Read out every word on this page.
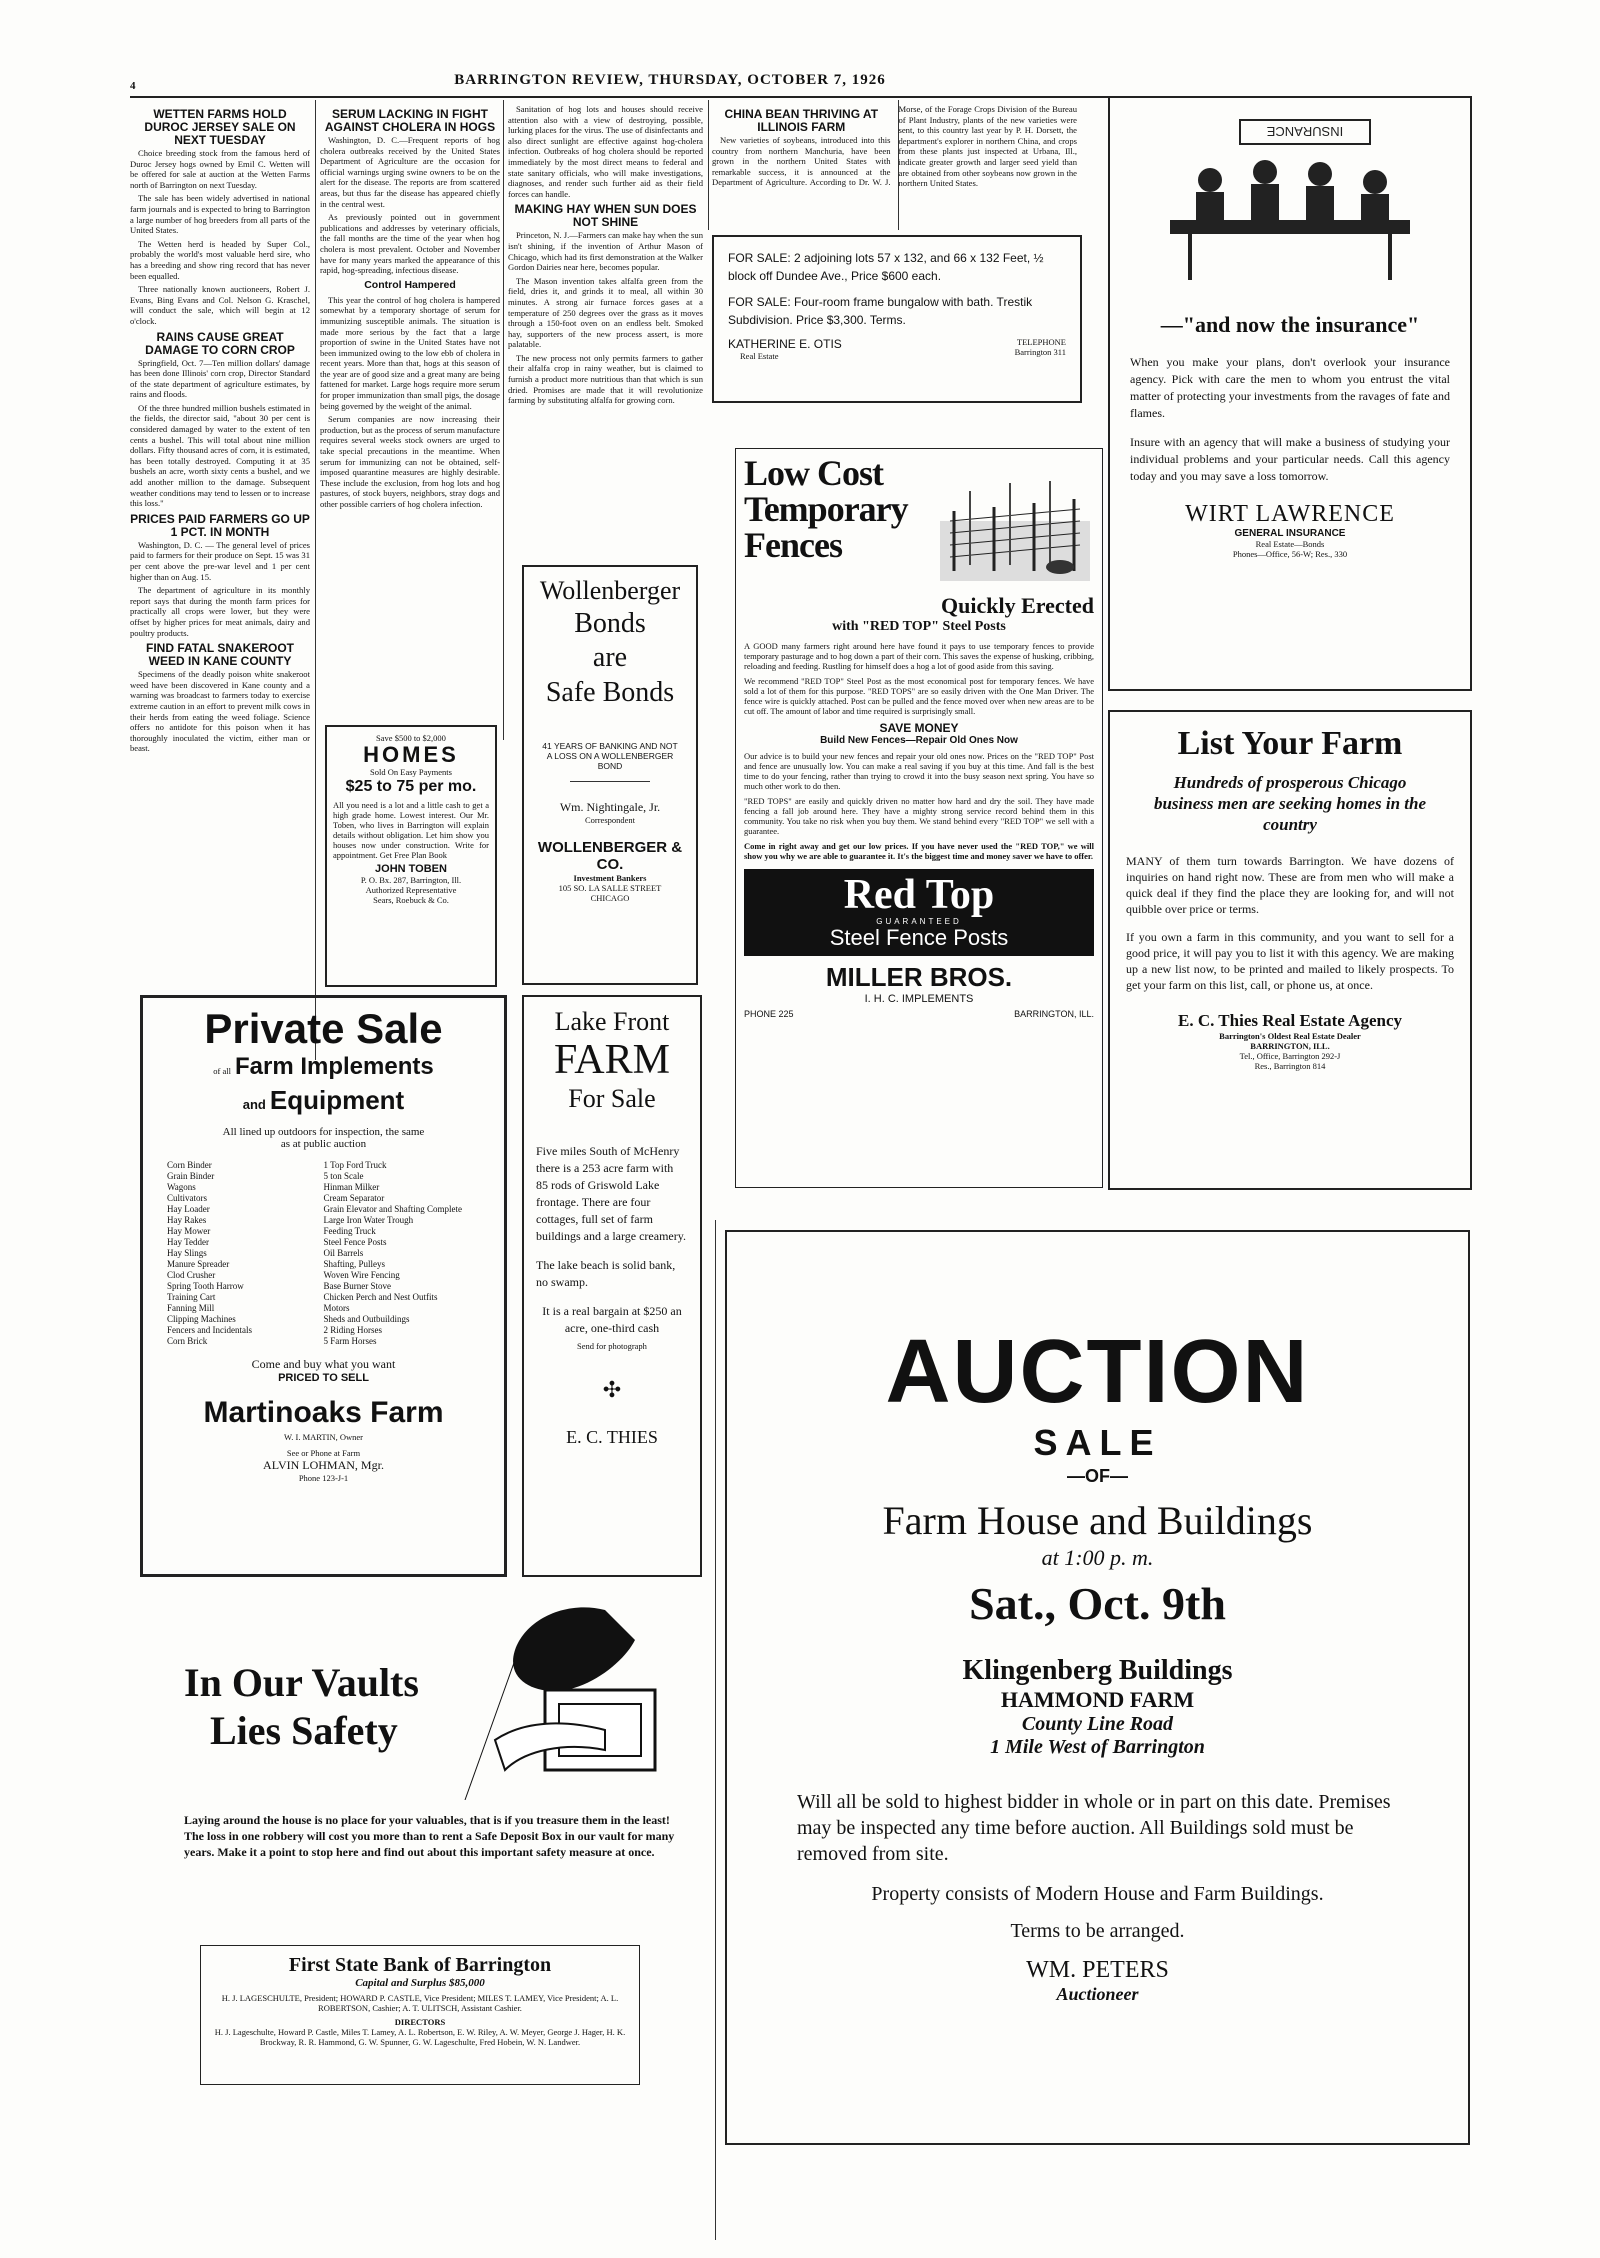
4	BARRINGTON REVIEW, THURSDAY, OCTOBER 7, 1926
WETTEN FARMS HOLD DUROC JERSEY SALE ON NEXT TUESDAY

Choice breeding stock from the famous herd of Duroc Jersey hogs owned by Emil C. Wetten will be offered for sale at auction at the Wetten Farms north of Barrington on next Tuesday.

The sale has been widely advertised in national farm journals and is expected to bring to Barrington a large number of hog breeders from all parts of the United States.

The Wetten herd is headed by Super Col., probably the world's most valuable herd sire, who has a breeding and show ring record that has never been equalled.

Three nationally known auctioneers, Robert J. Evans, Bing Evans and Col. Nelson G. Kraschel, will conduct the sale, which will begin at 12 o'clock.

RAINS CAUSE GREAT DAMAGE TO CORN CROP

Springfield, Oct. 7—Ten million dollars' damage has been done Illinois' corn crop, Director Standard of the state department of agriculture estimates, by rains and floods.

Of the three hundred million bushels estimated in the fields, the director said, "about 30 per cent is considered damaged by water to the extent of ten cents a bushel. This will total about nine million dollars. Fifty thousand acres of corn, it is estimated, has been totally destroyed. Computing it at 35 bushels an acre, worth sixty cents a bushel, and we add another million to the damage. Subsequent weather conditions may tend to lessen or to increase this loss."

PRICES PAID FARMERS GO UP 1 PCT. IN MONTH

Washington, D. C. — The general level of prices paid to farmers for their produce on Sept. 15 was 31 per cent above the pre-war level and 1 per cent higher than on Aug. 15.

The department of agriculture in its monthly report says that during the month farm prices for practically all crops were lower, but they were offset by higher prices for meat animals, dairy and poultry products.

FIND FATAL SNAKEROOT WEED IN KANE COUNTY

Specimens of the deadly poison white snakeroot weed have been discovered in Kane county and a warning was broadcast to farmers today to exercise extreme caution in an effort to prevent milk cows in their herds from eating the weed foliage. Science offers no antidote for this poison when it has thoroughly inoculated the victim, either man or beast.

SERUM LACKING IN FIGHT AGAINST CHOLERA IN HOGS

Washington, D. C.—Frequent reports of hog cholera outbreaks received by the United States Department of Agriculture are the occasion for official warnings urging swine owners to be on the alert for the disease. The reports are from scattered areas, but thus far the disease has appeared chiefly in the central west.

As previously pointed out in government publications and addresses by veterinary officials, the fall months are the time of the year when hog cholera is most prevalent. October and November have for many years marked the appearance of this rapid, hog-spreading, infectious disease.

Control Hampered

This year the control of hog cholera is hampered somewhat by a temporary shortage of serum for immunizing susceptible animals. The situation is made more serious by the fact that a large proportion of swine in the United States have not been immunized owing to the low ebb of cholera in recent years. More than that, hogs at this season of the year are of good size and a great many are being fattened for market. Large hogs require more serum for proper immunization than small pigs, the dosage being governed by the weight of the animal.

Serum companies are now increasing their production, but as the process of serum manufacture requires several weeks stock owners are urged to take special precautions in the meantime. When serum for immunizing can not be obtained, self-imposed quarantine measures are highly desirable. These include the exclusion, from hog lots and hog pastures, of stock buyers, neighbors, stray dogs and other possible carriers of hog cholera infection.

Sanitation of hog lots and houses should receive attention also with a view of destroying, possible, lurking places for the virus. The use of disinfectants and also direct sunlight are effective against hog-cholera infection. Outbreaks of hog cholera should be reported immediately by the most direct means to federal and state sanitary officials, who will make investigations, diagnoses, and render such further aid as their field forces can handle.

MAKING HAY WHEN SUN DOES NOT SHINE

Princeton, N. J.—Farmers can make hay when the sun isn't shining, if the invention of Arthur Mason of Chicago, which had its first demonstration at the Walker Gordon Dairies near here, becomes popular.

The Mason invention takes alfalfa green from the field, dries it, and grinds it to meal, all within 30 minutes. A strong air furnace forces gases at a temperature of 250 degrees over the grass as it moves through a 150-foot oven on an endless belt. Smoked hay, supporters of the new process assert, is more palatable.

The new process not only permits farmers to gather their alfalfa crop in rainy weather, but is claimed to furnish a product more nutritious than that which is sun dried. Promises are made that it will revolutionize farming by substituting alfalfa for growing corn.

CHINA BEAN THRIVING AT ILLINOIS FARM

New varieties of soybeans, introduced into this country from northern Manchuria, have been grown in the northern United States with remarkable success, it is announced at the Department of Agriculture. According to Dr. W. J. Morse, of the Forage Crops Division of the Bureau of Plant Industry, plants of the new varieties were sent, to this country last year by P. H. Dorsett, the department's explorer in northern China, and crops from these plants just inspected at Urbana, Ill., indicate greater growth and larger seed yield than are obtained from other soybeans now grown in the northern United States.

Save $500 to $2,000
HOMES
Sold On Easy Payments
$25 to 75 per mo.
All you need is a lot and a little cash to get a high grade home. Lowest interest. Our Mr. Toben, who lives in Barrington will explain details without obligation. Let him show you houses now under construction. Write for appointment. Get Free Plan Book
JOHN TOBEN
P. O. Bx. 287, Barrington, Ill.
Authorized Representative
Sears, Roebuck & Co.
Wollenberger
Bonds
are
Safe Bonds
41 YEARS OF BANKING AND NOT A LOSS ON A WOLLENBERGER BOND
Wm. Nightingale, Jr.
Correspondent
WOLLENBERGER & CO.
Investment Bankers
105 SO. LA SALLE STREET
CHICAGO
FOR SALE: 2 adjoining lots 57 x 132, and 66 x 132 Feet, ½ block off Dundee Ave., Price $600 each.
FOR SALE: Four-room frame bungalow with bath. Trestik Subdivision. Price $3,300. Terms.
KATHERINE E. OTIS
Real Estate
TELEPHONE
Barrington 311
Low Cost Temporary Fences
Quickly Erected
with "RED TOP" Steel Posts
A GOOD many farmers right around here have found it pays to use temporary fences to provide temporary pasturage and to hog down a part of their corn. This saves the expense of husking, cribbing, reloading and feeding. Rustling for himself does a hog a lot of good aside from this saving.
We recommend "RED TOP" Steel Post as the most economical post for temporary fences. We have sold a lot of them for this purpose. "RED TOPS" are so easily driven with the One Man Driver. The fence wire is quickly attached. Post can be pulled and the fence moved over when new areas are to be cut off. The amount of labor and time required is surprisingly small.
SAVE MONEY
Build New Fences—Repair Old Ones Now
Our advice is to build your new fences and repair your old ones now. Prices on the "RED TOP" Post and fence are unusually low. You can make a real saving if you buy at this time. And fall is the best time to do your fencing, rather than trying to crowd it into the busy season next spring. You have so much other work to do then.
"RED TOPS" are easily and quickly driven no matter how hard and dry the soil. They have made fencing a fall job around here. They have a mighty strong service record behind them in this community. You take no risk when you buy them. We stand behind every "RED TOP" we sell with a guarantee.
Come in right away and get our low prices. If you have never used the "RED TOP," we will show you why we are able to guarantee it. It's the biggest time and money saver we have to offer.
Red Top
GUARANTEED
Steel Fence Posts
MILLER BROS.
I. H. C. IMPLEMENTS
PHONE 225	BARRINGTON, ILL.
INSURANCE
—"and now the insurance"
When you make your plans, don't overlook your insurance agency. Pick with care the men to whom you entrust the vital matter of protecting your investments from the ravages of fate and flames.
Insure with an agency that will make a business of studying your individual problems and your particular needs. Call this agency today and you may save a loss tomorrow.
WIRT LAWRENCE
GENERAL INSURANCE
Real Estate—Bonds
Phones—Office, 56-W; Res., 330
List Your Farm
Hundreds of prosperous Chicago business men are seeking homes in the country
MANY of them turn towards Barrington. We have dozens of inquiries on hand right now. These are from men who will make a quick deal if they find the place they are looking for, and will not quibble over price or terms.
If you own a farm in this community, and you want to sell for a good price, it will pay you to list it with this agency. We are making up a new list now, to be printed and mailed to likely prospects. To get your farm on this list, call, or phone us, at once.
E. C. Thies Real Estate Agency
Barrington's Oldest Real Estate Dealer
BARRINGTON, ILL.
Tel., Office, Barrington 292-J
Res., Barrington 814
Private Sale
of all Farm Implements
and Equipment
All lined up outdoors for inspection, the same
as at public auction
Corn Binder
Grain Binder
Wagons
Cultivators
Hay Loader
Hay Rakes
Hay Mower
Hay Tedder
Hay Slings
Manure Spreader
Clod Crusher
Spring Tooth Harrow
Training Cart
Fanning Mill
Clipping Machines
Fencers and Incidentals
Corn Brick
1 Top Ford Truck
5 ton Scale
Hinman Milker
Cream Separator
Grain Elevator and Shafting Complete
Large Iron Water Trough
Feeding Truck
Steel Fence Posts
Oil Barrels
Shafting, Pulleys
Woven Wire Fencing
Base Burner Stove
Chicken Perch and Nest Outfits
Motors
Sheds and Outbuildings
2 Riding Horses
5 Farm Horses
Come and buy what you want
PRICED TO SELL
Martinoaks Farm
W. I. MARTIN, Owner
See or Phone at Farm
ALVIN LOHMAN, Mgr.
Phone 123-J-1
Lake Front
FARM
For Sale
Five miles South of McHenry there is a 253 acre farm with 85 rods of Griswold Lake frontage. There are four cottages, full set of farm buildings and a large creamery.
The lake beach is solid bank, no swamp.
It is a real bargain at $250 an acre, one-third cash
Send for photograph
✣
E. C. THIES
In Our Vaults
Lies Safety
Laying around the house is no place for your valuables, that is if you treasure them in the least! The loss in one robbery will cost you more than to rent a Safe Deposit Box in our vault for many years. Make it a point to stop here and find out about this important safety measure at once.
First State Bank of Barrington
Capital and Surplus $85,000
H. J. LAGESCHULTE, President; HOWARD P. CASTLE, Vice President; MILES T. LAMEY, Vice President; A. L. ROBERTSON, Cashier; A. T. ULITSCH, Assistant Cashier.
DIRECTORS
H. J. Lageschulte, Howard P. Castle, Miles T. Lamey, A. L. Robertson, E. W. Riley, A. W. Meyer, George J. Hager, H. K. Brockway, R. R. Hammond, G. W. Spunner, G. W. Lageschulte, Fred Hobein, W. N. Landwer.
AUCTION
SALE
—OF—
Farm House and Buildings
at 1:00 p. m.
Sat., Oct. 9th
Klingenberg Buildings
HAMMOND FARM
County Line Road
1 Mile West of Barrington
Will all be sold to highest bidder in whole or in part on this date. Premises may be inspected any time before auction. All Buildings sold must be removed from site.
Property consists of Modern House and Farm Buildings.
Terms to be arranged.
WM. PETERS
Auctioneer
